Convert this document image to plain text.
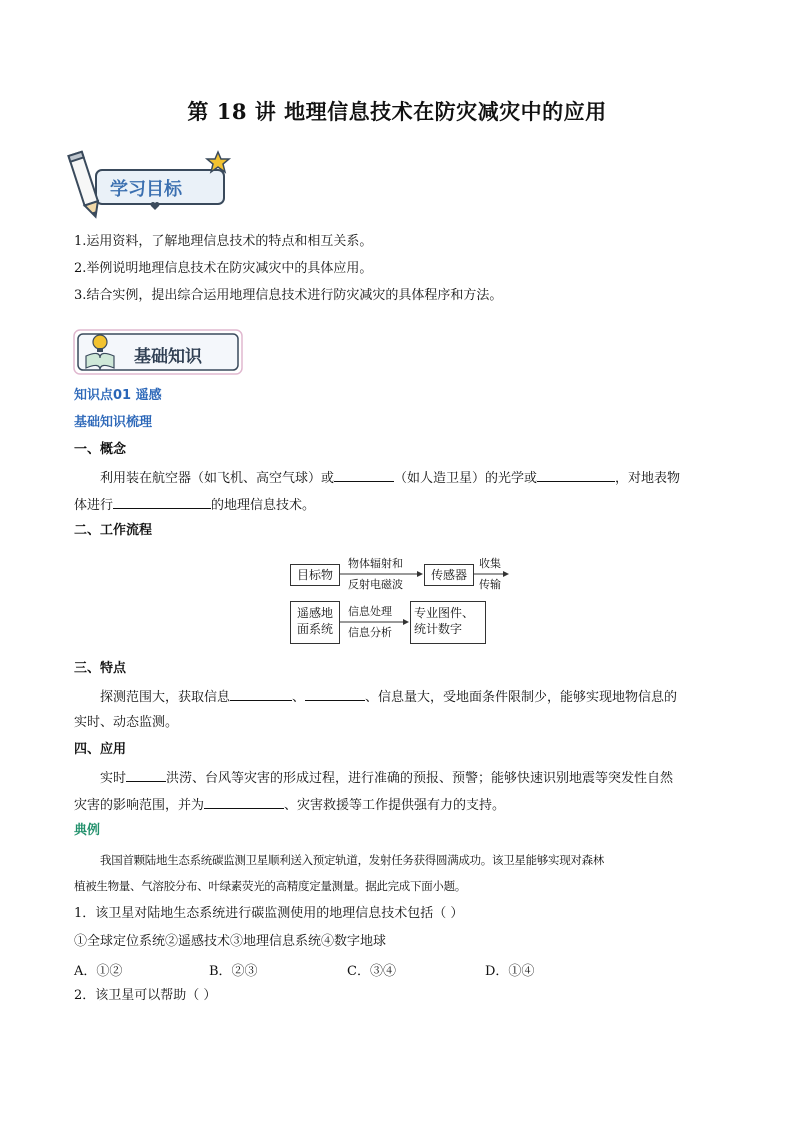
第 18 讲 地理信息技术在防灾减灾中的应用
学习目标
1.运用资料，了解地理信息技术的特点和相互关系。
2.举例说明地理信息技术在防灾减灾中的具体应用。
3.结合实例，提出综合运用地理信息技术进行防灾减灾的具体程序和方法。
基础知识
知识点01 遥感
基础知识梳理
一、概念
利用装在航空器（如飞机、高空气球）或	（如人造卫星）的光学或	，对地表物
体进行	的地理信息技术。
二、工作流程
目标物
物体辐射和
反射电磁波
传感器
收集
传输
遥感地
面系统
信息处理
信息分析
专业图件、
统计数字
三、特点
探测范围大，获取信息	、	、信息量大，受地面条件限制少，能够实现地物信息的
实时、动态监测。
四、应用
实时	洪涝、台风等灾害的形成过程，进行准确的预报、预警；能够快速识别地震等突发性自然
灾害的影响范围，并为	、灾害救援等工作提供强有力的支持。
典例
我国首颗陆地生态系统碳监测卫星顺利送入预定轨道，发射任务获得圆满成功。该卫星能够实现对森林
植被生物量、气溶胶分布、叶绿素荧光的高精度定量测量。据此完成下面小题。
1．该卫星对陆地生态系统进行碳监测使用的地理信息技术包括（ ）
①全球定位系统②遥感技术③地理信息系统④数字地球
A．①②	B．②③	C．③④	D．①④
2．该卫星可以帮助（ ）
